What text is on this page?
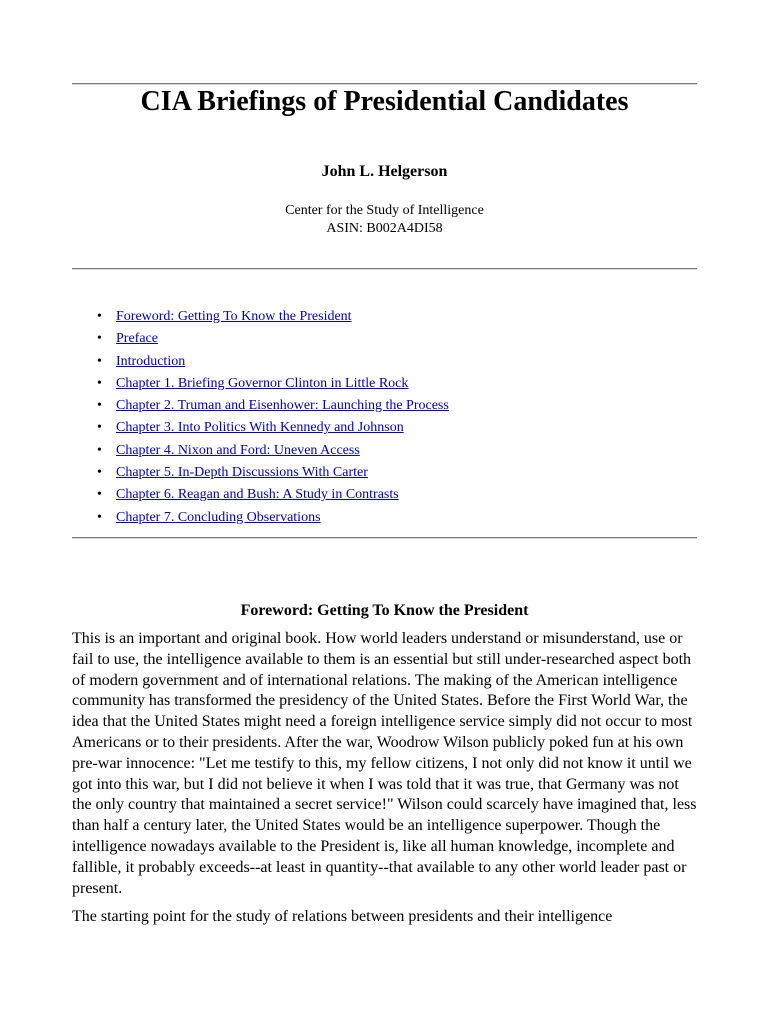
CIA Briefings of Presidential Candidates
John L. Helgerson
Center for the Study of Intelligence
ASIN: B002A4DI58
• Foreword: Getting To Know the President
• Preface
• Introduction
• Chapter 1. Briefing Governor Clinton in Little Rock
• Chapter 2. Truman and Eisenhower: Launching the Process
• Chapter 3. Into Politics With Kennedy and Johnson
• Chapter 4. Nixon and Ford: Uneven Access
• Chapter 5. In-Depth Discussions With Carter
• Chapter 6. Reagan and Bush: A Study in Contrasts
• Chapter 7. Concluding Observations
Foreword: Getting To Know the President

This is an important and original book. How world leaders understand or misunderstand, use or fail to use, the intelligence available to them is an essential but still under-researched aspect both of modern government and of international relations. The making of the American intelligence community has transformed the presidency of the United States. Before the First World War, the idea that the United States might need a foreign intelligence service simply did not occur to most Americans or to their presidents. After the war, Woodrow Wilson publicly poked fun at his own pre-war innocence: "Let me testify to this, my fellow citizens, I not only did not know it until we got into this war, but I did not believe it when I was told that it was true, that Germany was not the only country that maintained a secret service!" Wilson could scarcely have imagined that, less than half a century later, the United States would be an intelligence superpower. Though the intelligence nowadays available to the President is, like all human knowledge, incomplete and fallible, it probably exceeds--at least in quantity--that available to any other world leader past or present.

The starting point for the study of relations between presidents and their intelligence
